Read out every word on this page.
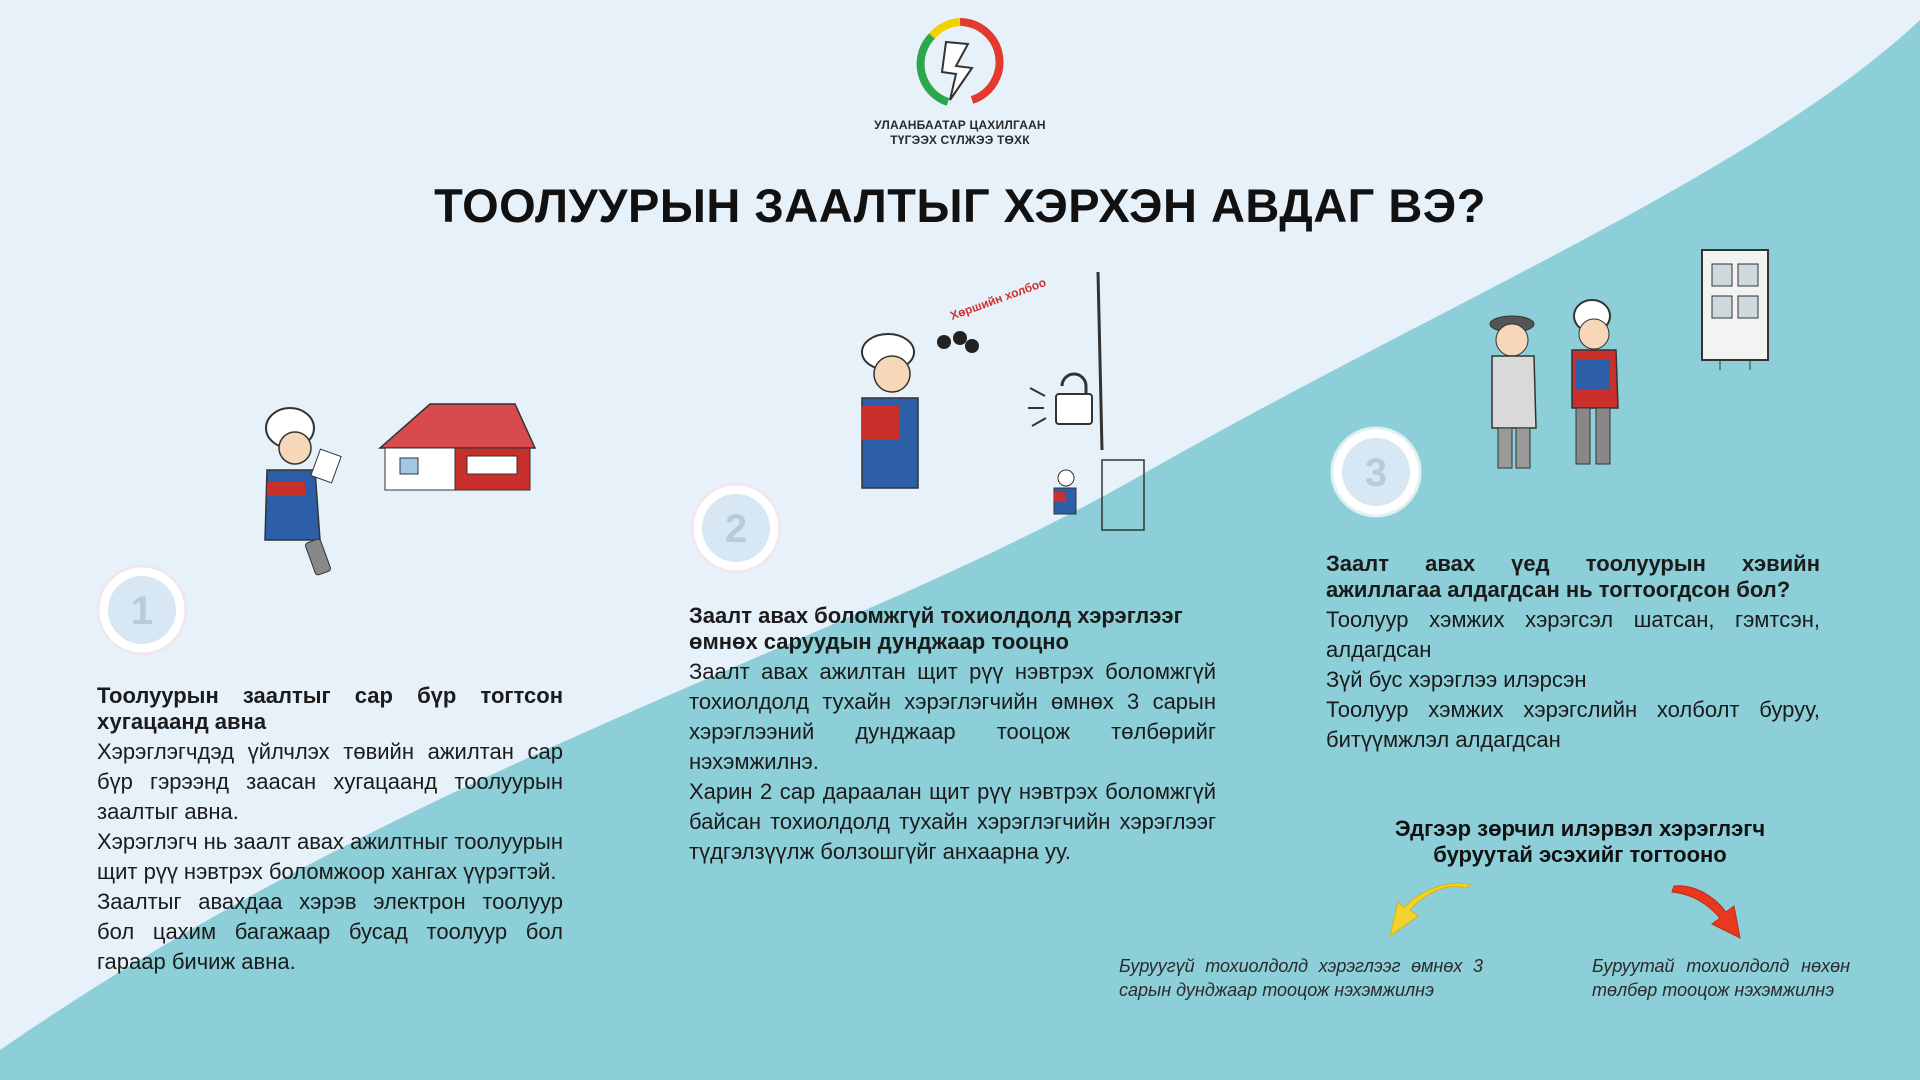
УЛААНБААТАР ЦАХИЛГААН
ТҮГЭЭХ СҮЛЖЭЭ ТӨХК
ТООЛУУРЫН ЗААЛТЫГ ХЭРХЭН АВДАГ ВЭ?
1
2
3
Хөршийн холбоо
Тоолуурын заалтыг сар бүр тогтсон хугацаанд авна

Хэрэглэгчдэд үйлчлэх төвийн ажилтан сар бүр гэрээнд заасан хугацаанд тоолуурын заалтыг авна.

Хэрэглэгч нь заалт авах ажилтныг тоолуурын щит рүү нэвтрэх боломжоор хангах үүрэгтэй.

Заалтыг авахдаа хэрэв электрон тоолуур бол цахим багажаар бусад тоолуур бол гараар бичиж авна.

Заалт авах боломжгүй тохиолдолд хэрэглээг өмнөх саруудын дунджаар тооцно

Заалт авах ажилтан щит рүү нэвтрэх боломжгүй тохиолдолд тухайн хэрэглэгчийн өмнөх 3 сарын хэрэглээний дунджаар тооцож төлбөрийг нэхэмжилнэ.

Харин 2 сар дараалан щит рүү нэвтрэх боломжгүй байсан тохиолдолд тухайн хэрэглэгчийн хэрэглээг түдгэлзүүлж болзошгүйг анхаарна уу.

Заалт авах үед тоолуурын хэвийн ажиллагаа алдагдсан нь тогтоогдсон бол?

Тоолуур хэмжих хэрэгсэл шатсан, гэмтсэн, алдагдсан

Зүй бус хэрэглээ илэрсэн

Тоолуур хэмжих хэрэгслийн холболт буруу, битүүмжлэл алдагдсан

Эдгээр зөрчил илэрвэл хэрэглэгч буруутай эсэхийг тогтооно
Буруугүй тохиолдолд хэрэглээг өмнөх 3 сарын дунджаар тооцож нэхэмжилнэ
Буруутай тохиолдолд нөхөн төлбөр тооцож нэхэмжилнэ
